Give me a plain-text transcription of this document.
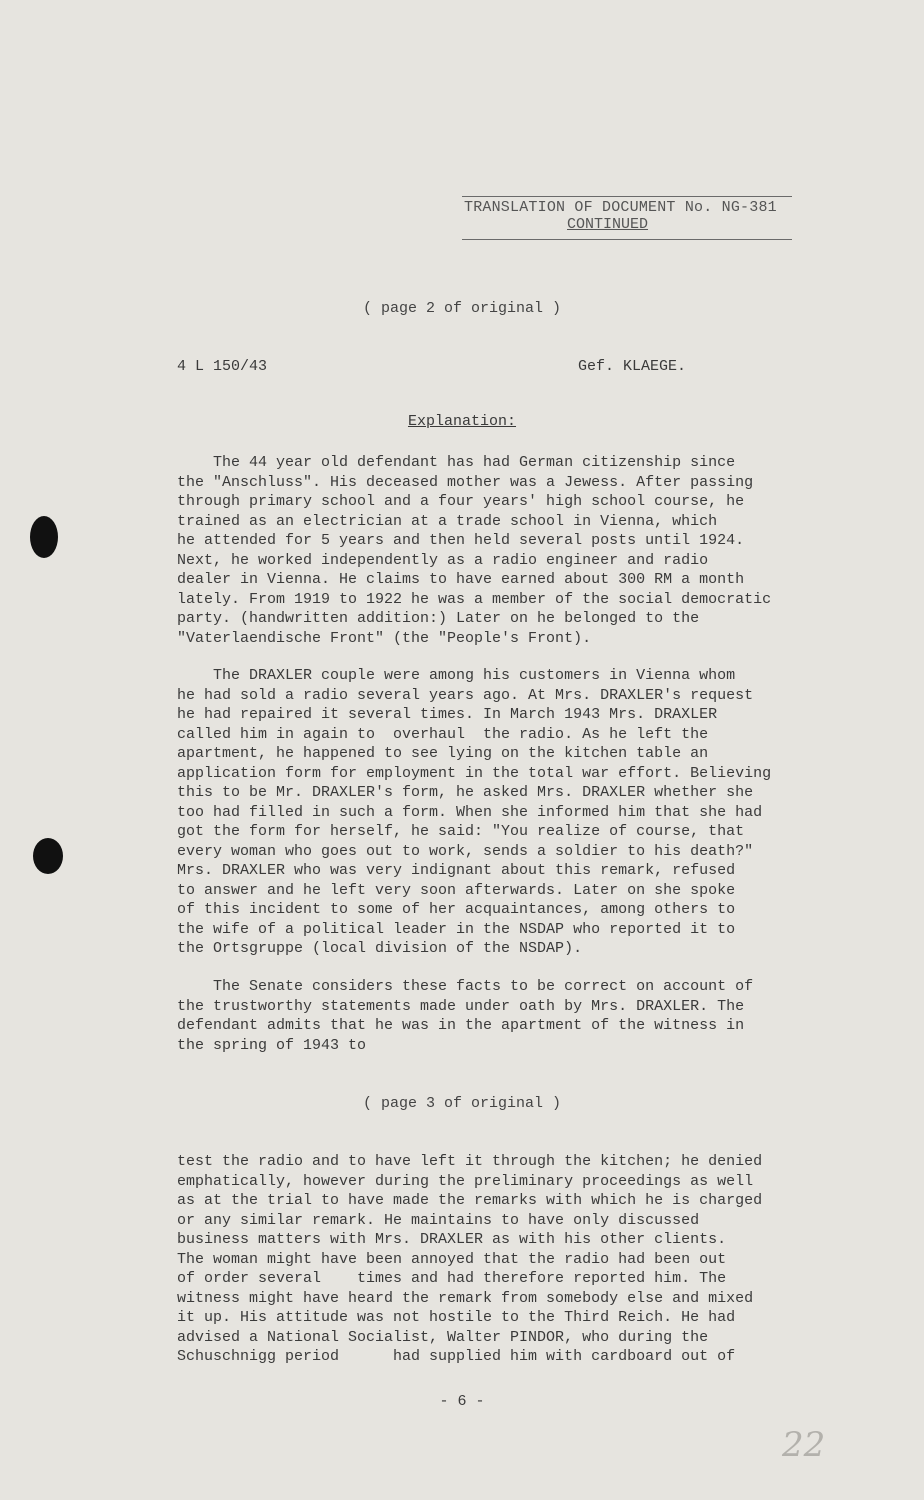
TRANSLATION OF DOCUMENT No. NG-381
CONTINUED
( page 2 of original )
4 L 150/43	Gef. KLAEGE.
Explanation:
The 44 year old defendant has had German citizenship since
the "Anschluss". His deceased mother was a Jewess. After passing
through primary school and a four years' high school course, he
trained as an electrician at a trade school in Vienna, which
he attended for 5 years and then held several posts until 1924.
Next, he worked independently as a radio engineer and radio
dealer in Vienna. He claims to have earned about 300 RM a month
lately. From 1919 to 1922 he was a member of the social democratic
party. (handwritten addition:) Later on he belonged to the
"Vaterlaendische Front" (the "People's Front).
The DRAXLER couple were among his customers in Vienna whom
he had sold a radio several years ago. At Mrs. DRAXLER's request
he had repaired it several times. In March 1943 Mrs. DRAXLER
called him in again to  overhaul  the radio. As he left the
apartment, he happened to see lying on the kitchen table an
application form for employment in the total war effort. Believing
this to be Mr. DRAXLER's form, he asked Mrs. DRAXLER whether she
too had filled in such a form. When she informed him that she had
got the form for herself, he said: "You realize of course, that
every woman who goes out to work, sends a soldier to his death?"
Mrs. DRAXLER who was very indignant about this remark, refused
to answer and he left very soon afterwards. Later on she spoke
of this incident to some of her acquaintances, among others to
the wife of a political leader in the NSDAP who reported it to
the Ortsgruppe (local division of the NSDAP).
The Senate considers these facts to be correct on account of
the trustworthy statements made under oath by Mrs. DRAXLER. The
defendant admits that he was in the apartment of the witness in
the spring of 1943 to
( page 3 of original )
test the radio and to have left it through the kitchen; he denied
emphatically, however during the preliminary proceedings as well
as at the trial to have made the remarks with which he is charged
or any similar remark. He maintains to have only discussed
business matters with Mrs. DRAXLER as with his other clients.
The woman might have been annoyed that the radio had been out
of order several    times and had therefore reported him. The
witness might have heard the remark from somebody else and mixed
it up. His attitude was not hostile to the Third Reich. He had
advised a National Socialist, Walter PINDOR, who during the
Schuschnigg period      had supplied him with cardboard out of
- 6 -
22
